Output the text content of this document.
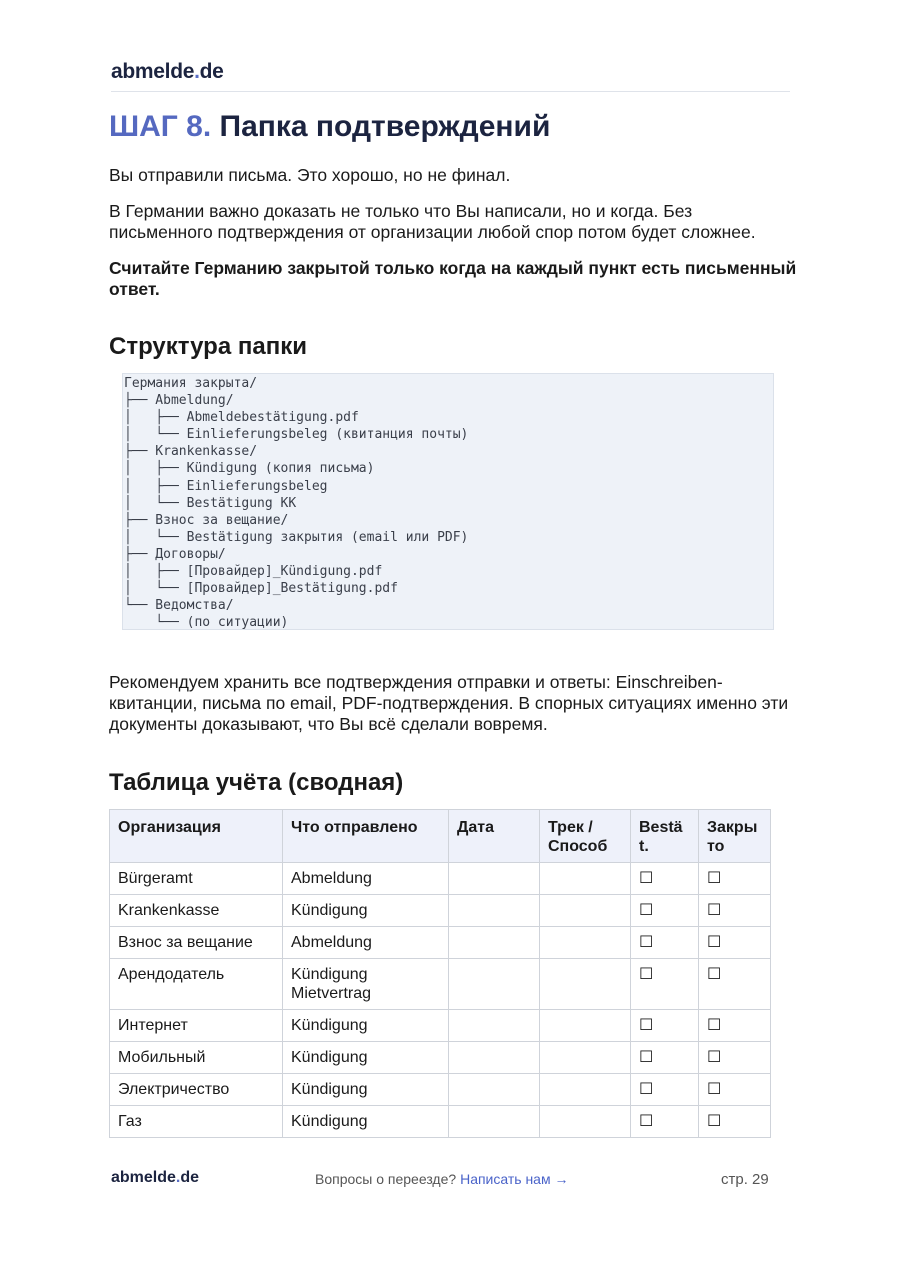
abmelde.de
ШАГ 8. Папка подтверждений

Вы отправили письма. Это хорошо, но не финал.

В Германии важно доказать не только что Вы написали, но и когда. Без письменного подтверждения от организации любой спор потом будет сложнее.

Считайте Германию закрытой только когда на каждый пункт есть письменный ответ.

Структура папки
Германия закрыта/
├── Abmeldung/
│   ├── Abmeldebestätigung.pdf
│   └── Einlieferungsbeleg (квитанция почты)
├── Krankenkasse/
│   ├── Kündigung (копия письма)
│   ├── Einlieferungsbeleg
│   └── Bestätigung KK
├── Взнос за вещание/
│   └── Bestätigung закрытия (email или PDF)
├── Договоры/
│   ├── [Провайдер]_Kündigung.pdf
│   └── [Провайдер]_Bestätigung.pdf
└── Ведомства/
└── (по ситуации)

Рекомендуем хранить все подтверждения отправки и ответы: Einschreiben-квитанции, письма по email, PDF-подтверждения. В спорных ситуациях именно эти документы доказывают, что Вы всё сделали вовремя.

Таблица учёта (сводная)
Организация	Что отправлено	Дата	Трек / Способ	Bestä t.	Закры то
Bürgeramt	Abmeldung			☐	☐
Krankenkasse	Kündigung			☐	☐
Взнос за вещание	Abmeldung			☐	☐
Арендодатель	Kündigung Mietvertrag			☐	☐
Интернет	Kündigung			☐	☐
Мобильный	Kündigung			☐	☐
Электричество	Kündigung			☐	☐
Газ	Kündigung			☐	☐
abmelde.de	Вопросы о переезде? Написать нам →	стр. 29
